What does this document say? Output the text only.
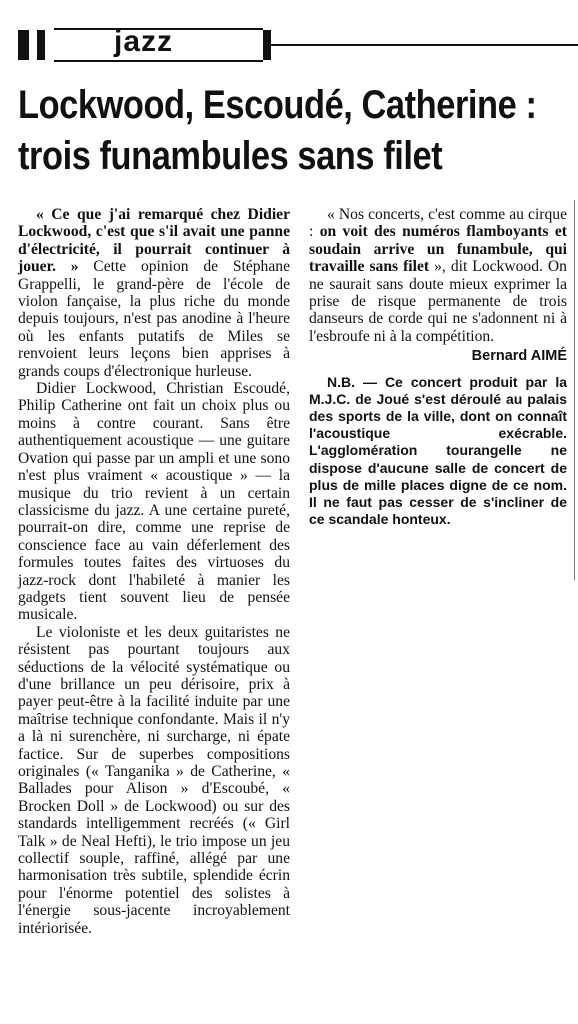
jazz
Lockwood, Escoudé, Catherine :
trois funambules sans filet

« Ce que j'ai remarqué chez Didier Lockwood, c'est que s'il avait une panne d'électricité, il pourrait continuer à jouer. » Cette opinion de Stéphane Grappelli, le grand-père de l'école de violon fançaise, la plus riche du monde depuis toujours, n'est pas anodine à l'heure où les enfants putatifs de Miles se renvoient leurs leçons bien apprises à grands coups d'électronique hurleuse.

Didier Lockwood, Christian Escoudé, Philip Catherine ont fait un choix plus ou moins à contre courant. Sans être authentiquement acoustique — une guitare Ovation qui passe par un ampli et une sono n'est plus vraiment « acoustique » — la musique du trio revient à un certain classicisme du jazz. A une certaine pureté, pourrait-on dire, comme une reprise de conscience face au vain déferlement des formules toutes faites des virtuoses du jazz-rock dont l'habileté à manier les gadgets tient souvent lieu de pensée musicale.

Le violoniste et les deux guitaristes ne résistent pas pourtant toujours aux séductions de la vélocité systématique ou d'une brillance un peu dérisoire, prix à payer peut-être à la facilité induite par une maîtrise technique confondante. Mais il n'y a là ni surenchère, ni surcharge, ni épate factice. Sur de superbes compositions originales (« Tanganika » de Catherine, « Ballades pour Alison » d'Escoubé, « Brocken Doll » de Lockwood) ou sur des standards intelligemment recréés (« Girl Talk » de Neal Hefti), le trio impose un jeu collectif souple, raffiné, allégé par une harmonisation très subtile, splendide écrin pour l'énorme potentiel des solistes à l'énergie sous-jacente incroyablement intériorisée.

« Nos concerts, c'est comme au cirque : on voit des numéros flamboyants et soudain arrive un funambule, qui travaille sans filet », dit Lockwood. On ne saurait sans doute mieux exprimer la prise de risque permanente de trois danseurs de corde qui ne s'adonnent ni à l'esbroufe ni à la compétition.

Bernard AIMÉ

N.B. — Ce concert produit par la M.J.C. de Joué s'est déroulé au palais des sports de la ville, dont on connaît l'acoustique exécrable. L'agglomération tourangelle ne dispose d'aucune salle de concert de plus de mille places digne de ce nom. Il ne faut pas cesser de s'incliner de ce scandale honteux.
